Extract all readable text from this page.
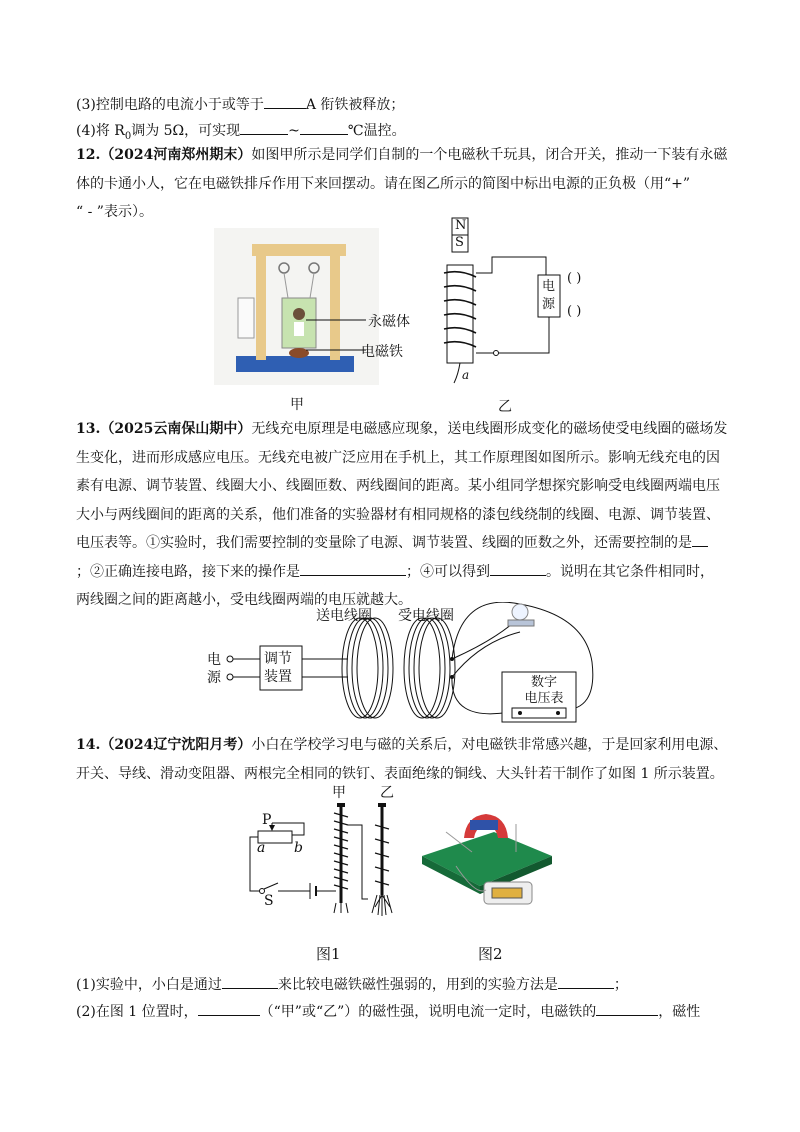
(3)控制电路的电流小于或等于	A 衔铁被释放；
(4)将 $R_0$调为 5Ω，可实现	~	℃温控。
12.（2024河南郑州期末）如图甲所示是同学们自制的一个电磁秋千玩具，闭合开关，推动一下装有永磁
体的卡通小人，它在电磁铁排斥作用下来回摆动。请在图乙所示的简图中标出电源的正负极（用“+”
“ - ”表示）。
永磁体
电磁铁
甲
N
S
电
源
( )
( )
a
乙
13.（2025云南保山期中）无线充电原理是电磁感应现象，送电线圈形成变化的磁场使受电线圈的磁场发
生变化，进而形成感应电压。无线充电被广泛应用在手机上，其工作原理图如图所示。影响无线充电的因
素有电源、调节装置、线圈大小、线圈匝数、两线圈间的距离。某小组同学想探究影响受电线圈两端电压
大小与两线圈间的距离的关系，他们准备的实验器材有相同规格的漆包线绕制的线圈、电源、调节装置、
电压表等。①实验时，我们需要控制的变量除了电源、调节装置、线圈的匝数之外，还需要控制的是
；②正确连接电路，接下来的操作是	；④可以得到	。说明在其它条件相同时，
两线圈之间的距离越小，受电线圈两端的电压就越大。
送电线圈 受电线圈
电
源
调节
装置	数字
电压表
14.（2024辽宁沈阳月考）小白在学校学习电与磁的关系后，对电磁铁非常感兴趣，于是回家利用电源、
开关、导线、滑动变阻器、两根完全相同的铁钉、表面绝缘的铜线、大头针若干制作了如图 1 所示装置。
甲 乙
P
a b
S
图1	图2
(1)实验中，小白是通过	来比较电磁铁磁性强弱的，用到的实验方法是	；
(2)在图 1 位置时，	（“甲”或“乙”）的磁性强，说明电流一定时，电磁铁的	，磁性
